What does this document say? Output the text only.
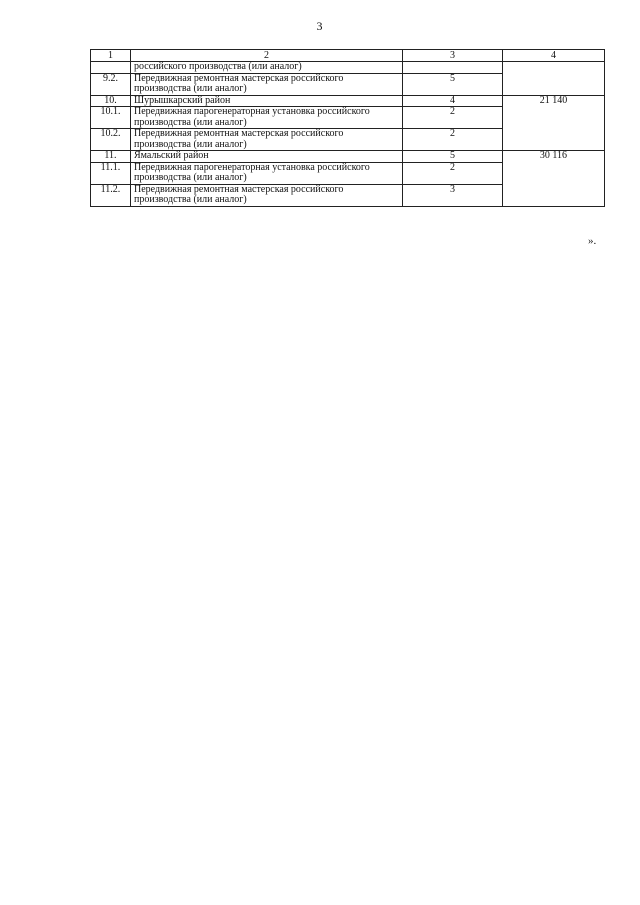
3
1	2	3	4
	российского производства (или аналог)		
9.2.	Передвижная ремонтная мастерская российского производства (или аналог)	5	
10.	Шурышкарский район	4	21 140
10.1.	Передвижная парогенераторная установка российского производства (или аналог)	2	
10.2.	Передвижная ремонтная мастерская российского производства (или аналог)	2	
11.	Ямальский район	5	30 116
11.1.	Передвижная парогенераторная установка российского производства (или аналог)	2	
11.2.	Передвижная ремонтная мастерская российского производства (или аналог)	3	
».
